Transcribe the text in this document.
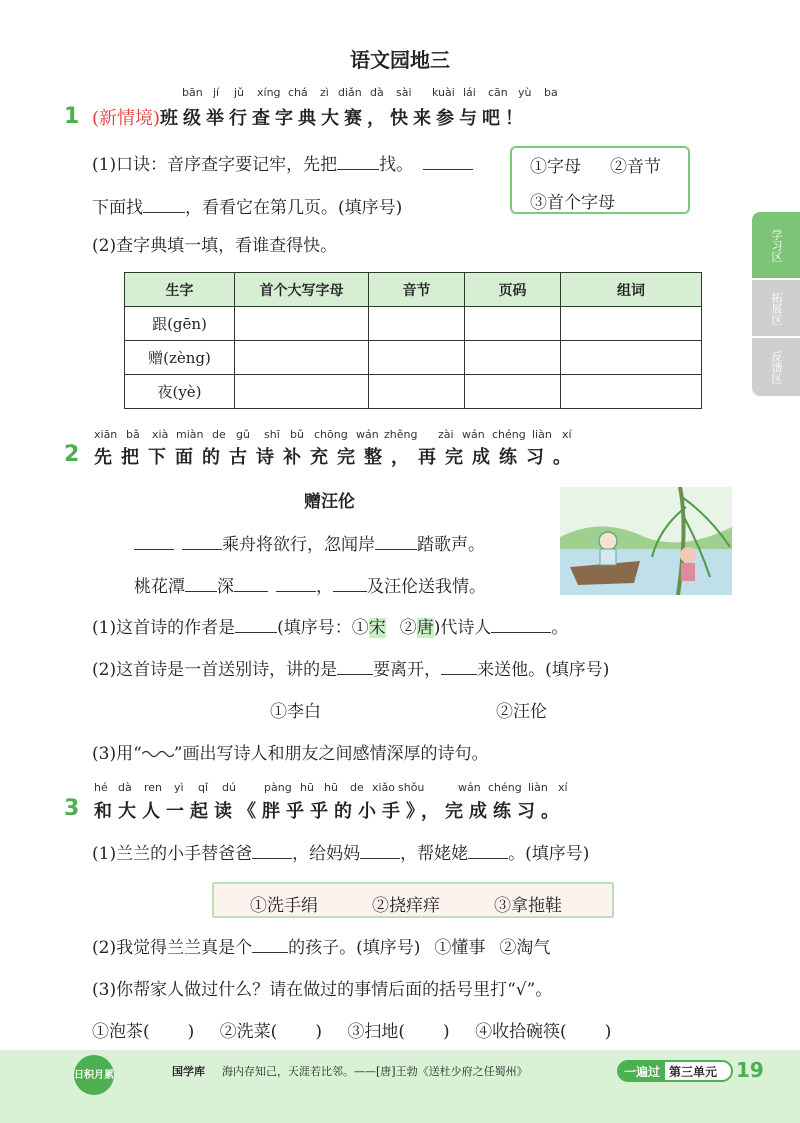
语文园地三
学习区
拓展区
反馈区
1
bān jí jǔ xíng chá zì diǎn dà sài kuài lái cān yù ba
(新情境)班级举行查字典大赛，快来参与吧！
(1)口诀：音序查字要记牢，先把 找。
下面找 ，看看它在第几页。(填序号)
①字母 ②音节
③首个字母
(2)查字典填一填，看谁查得快。
生字	首个大写字母	音节	页码	组词
跟(gēn)				
赠(zèng)				
夜(yè)				
2
xiān bǎ xià miàn de gǔ shī bǔ chōng wán zhěng zài wán chéng liàn xí
先把下面的古诗补充完整，再完成练习。
赠汪伦
乘舟将欲行，忽闻岸 踏歌声。
桃花潭 深	， 及汪伦送我情。
(1)这首诗的作者是 (填序号：①宋 ②唐)代诗人	。
(2)这首诗是一首送别诗，讲的是 要离开， 来送他。(填序号)
①李白	②汪伦
(3)用“ ”画出写诗人和朋友之间感情深厚的诗句。
3
hé dà ren yì qǐ dú	pàng hū hū de xiǎo shǒu	wán chéng liàn xí
和大人一起读《胖乎乎的小手》，完成练习。
(1)兰兰的小手替爸爸 ，给妈妈 ，帮姥姥 。(填序号)
①洗手绢	②挠痒痒	③拿拖鞋
(2)我觉得兰兰真是个 的孩子。(填序号) ①懂事 ②淘气
(3)你帮家人做过什么？请在做过的事情后面的括号里打“√”。
①泡茶( ) ②洗菜( ) ③扫地( ) ④收拾碗筷( )
日积月累	国学库 海内存知己，天涯若比邻。——[唐]王勃《送杜少府之任蜀州》	一遍过 第三单元 19
